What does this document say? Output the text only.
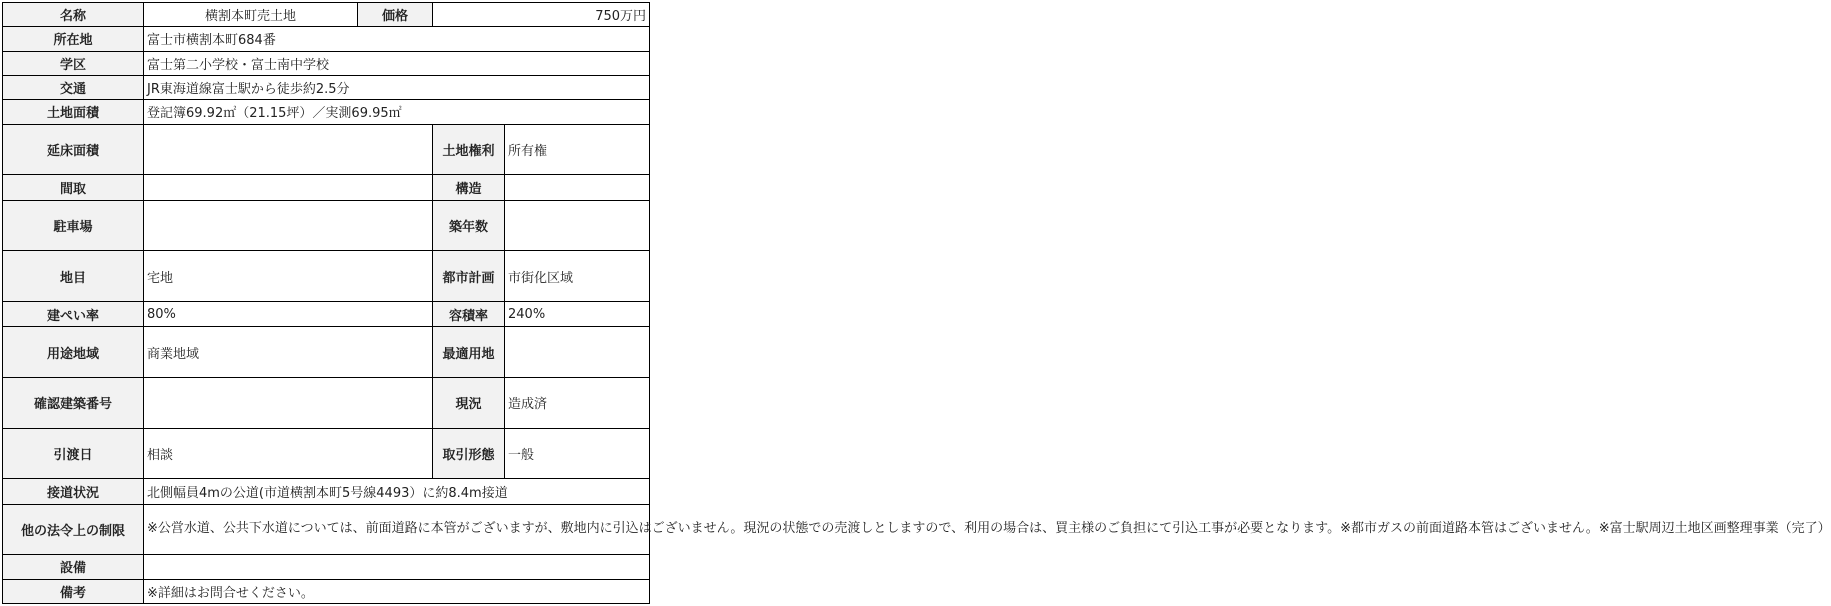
名称	横割本町売土地	価格	750万円	
所在地	富士市横割本町684番			
学区	富士第二小学校・富士南中学校			
交通	JR東海道線富士駅から徒歩約2.5分			
土地面積	登記簿69.92㎡（21.15坪）／実測69.95㎡			
延床面積			土地権利	所有権
間取			構造	
駐車場			築年数	
地目	宅地		都市計画	市街化区域
建ぺい率	80%		容積率	240%
用途地域	商業地域		最適用地	
確認建築番号			現況	造成済
引渡日	相談		取引形態	一般
接道状況	北側幅員4mの公道(市道横割本町5号線4493）に約8.4m接道			
他の法令上の制限	※公営水道、公共下水道については、前面道路に本管がございますが、敷地内に引込はございません。現況の状態での売渡しとしますので、利用の場合は、買主様のご負担にて引込工事が必要となります。※都市ガスの前面道路本管はございません。※富士駅周辺土地区画整理事業（完了）			
設備				
備考	※詳細はお問合せください。			
